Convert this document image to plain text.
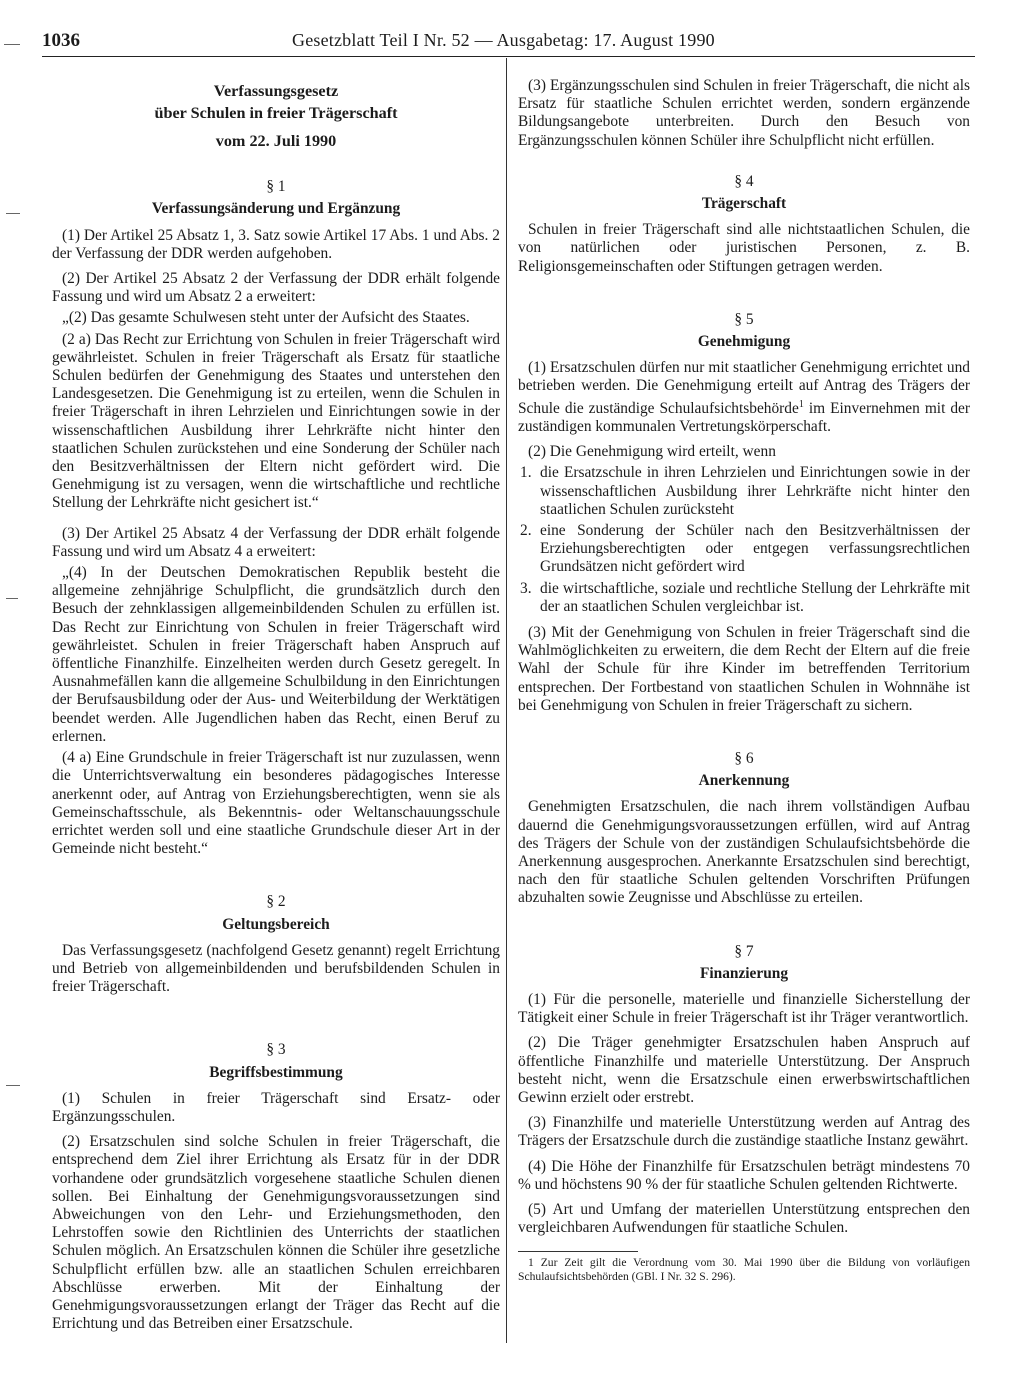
1036	Gesetzblatt Teil I Nr. 52 — Ausgabetag: 17. August 1990
Verfassungsgesetz
über Schulen in freier Trägerschaft
vom 22. Juli 1990
§ 1
Verfassungsänderung und Ergänzung

(1) Der Artikel 25 Absatz 1, 3. Satz sowie Artikel 17 Abs. 1 und Abs. 2 der Verfassung der DDR werden aufgehoben.

(2) Der Artikel 25 Absatz 2 der Verfassung der DDR erhält folgende Fassung und wird um Absatz 2 a erweitert:

„(2) Das gesamte Schulwesen steht unter der Aufsicht des Staates.

(2 a) Das Recht zur Errichtung von Schulen in freier Trägerschaft wird gewährleistet. Schulen in freier Trägerschaft als Ersatz für staatliche Schulen bedürfen der Genehmigung des Staates und unterstehen den Landesgesetzen. Die Genehmigung ist zu erteilen, wenn die Schulen in freier Trägerschaft in ihren Lehrzielen und Einrichtungen sowie in der wissenschaftlichen Ausbildung ihrer Lehrkräfte nicht hinter den staatlichen Schulen zurückstehen und eine Sonderung der Schüler nach den Besitzverhältnissen der Eltern nicht gefördert wird. Die Genehmigung ist zu versagen, wenn die wirtschaftliche und rechtliche Stellung der Lehrkräfte nicht gesichert ist.“

(3) Der Artikel 25 Absatz 4 der Verfassung der DDR erhält folgende Fassung und wird um Absatz 4 a erweitert:

„(4) In der Deutschen Demokratischen Republik besteht die allgemeine zehnjährige Schulpflicht, die grundsätzlich durch den Besuch der zehnklassigen allgemeinbildenden Schulen zu erfüllen ist. Das Recht zur Einrichtung von Schulen in freier Trägerschaft wird gewährleistet. Schulen in freier Trägerschaft haben Anspruch auf öffentliche Finanzhilfe. Einzelheiten werden durch Gesetz geregelt. In Ausnahmefällen kann die allgemeine Schulbildung in den Einrichtungen der Berufsausbildung oder der Aus- und Weiterbildung der Werktätigen beendet werden. Alle Jugendlichen haben das Recht, einen Beruf zu erlernen.

(4 a) Eine Grundschule in freier Trägerschaft ist nur zuzulassen, wenn die Unterrichtsverwaltung ein besonderes pädagogisches Interesse anerkennt oder, auf Antrag von Erziehungsberechtigten, wenn sie als Gemeinschaftsschule, als Bekenntnis- oder Weltanschauungsschule errichtet werden soll und eine staatliche Grundschule dieser Art in der Gemeinde nicht besteht.“

§ 2
Geltungsbereich

Das Verfassungsgesetz (nachfolgend Gesetz genannt) regelt Errichtung und Betrieb von allgemeinbildenden und berufsbildenden Schulen in freier Trägerschaft.

§ 3
Begriffsbestimmung

(1) Schulen in freier Trägerschaft sind Ersatz- oder Ergänzungsschulen.

(2) Ersatzschulen sind solche Schulen in freier Trägerschaft, die entsprechend dem Ziel ihrer Errichtung als Ersatz für in der DDR vorhandene oder grundsätzlich vorgesehene staatliche Schulen dienen sollen. Bei Einhaltung der Genehmigungsvoraussetzungen sind Abweichungen von den Lehr- und Erziehungsmethoden, den Lehrstoffen sowie den Richtlinien des Unterrichts der staatlichen Schulen möglich. An Ersatzschulen können die Schüler ihre gesetzliche Schulpflicht erfüllen bzw. alle an staatlichen Schulen erreichbaren Abschlüsse erwerben. Mit der Einhaltung der Genehmigungsvoraussetzungen erlangt der Träger das Recht auf die Errichtung und das Betreiben einer Ersatzschule.

(3) Ergänzungsschulen sind Schulen in freier Trägerschaft, die nicht als Ersatz für staatliche Schulen errichtet werden, sondern ergänzende Bildungsangebote unterbreiten. Durch den Besuch von Ergänzungsschulen können Schüler ihre Schulpflicht nicht erfüllen.

§ 4
Trägerschaft

Schulen in freier Trägerschaft sind alle nichtstaatlichen Schulen, die von natürlichen oder juristischen Personen, z. B. Religionsgemeinschaften oder Stiftungen getragen werden.

§ 5
Genehmigung

(1) Ersatzschulen dürfen nur mit staatlicher Genehmigung errichtet und betrieben werden. Die Genehmigung erteilt auf Antrag des Trägers der Schule die zuständige Schulaufsichtsbehörde$^1$ im Einvernehmen mit der zuständigen kommunalen Vertretungskörperschaft.

(2) Die Genehmigung wird erteilt, wenn

1. die Ersatzschule in ihren Lehrzielen und Einrichtungen sowie in der wissenschaftlichen Ausbildung ihrer Lehrkräfte nicht hinter den staatlichen Schulen zurücksteht
2. eine Sonderung der Schüler nach den Besitzverhältnissen der Erziehungsberechtigten oder entgegen verfassungsrechtlichen Grundsätzen nicht gefördert wird
3. die wirtschaftliche, soziale und rechtliche Stellung der Lehrkräfte mit der an staatlichen Schulen vergleichbar ist.

(3) Mit der Genehmigung von Schulen in freier Trägerschaft sind die Wahlmöglichkeiten zu erweitern, die dem Recht der Eltern auf die freie Wahl der Schule für ihre Kinder im betreffenden Territorium entsprechen. Der Fortbestand von staatlichen Schulen in Wohnnähe ist bei Genehmigung von Schulen in freier Trägerschaft zu sichern.

§ 6
Anerkennung

Genehmigten Ersatzschulen, die nach ihrem vollständigen Aufbau dauernd die Genehmigungsvoraussetzungen erfüllen, wird auf Antrag des Trägers der Schule von der zuständigen Schulaufsichtsbehörde die Anerkennung ausgesprochen. Anerkannte Ersatzschulen sind berechtigt, nach den für staatliche Schulen geltenden Vorschriften Prüfungen abzuhalten sowie Zeugnisse und Abschlüsse zu erteilen.

§ 7
Finanzierung

(1) Für die personelle, materielle und finanzielle Sicherstellung der Tätigkeit einer Schule in freier Trägerschaft ist ihr Träger verantwortlich.

(2) Die Träger genehmigter Ersatzschulen haben Anspruch auf öffentliche Finanzhilfe und materielle Unterstützung. Der Anspruch besteht nicht, wenn die Ersatzschule einen erwerbswirtschaftlichen Gewinn erzielt oder erstrebt.

(3) Finanzhilfe und materielle Unterstützung werden auf Antrag des Trägers der Ersatzschule durch die zuständige staatliche Instanz gewährt.

(4) Die Höhe der Finanzhilfe für Ersatzschulen beträgt mindestens 70 % und höchstens 90 % der für staatliche Schulen geltenden Richtwerte.

(5) Art und Umfang der materiellen Unterstützung entsprechen den vergleichbaren Aufwendungen für staatliche Schulen.

1 Zur Zeit gilt die Verordnung vom 30. Mai 1990 über die Bildung von vorläufigen Schulaufsichtsbehörden (GBl. I Nr. 32 S. 296).
